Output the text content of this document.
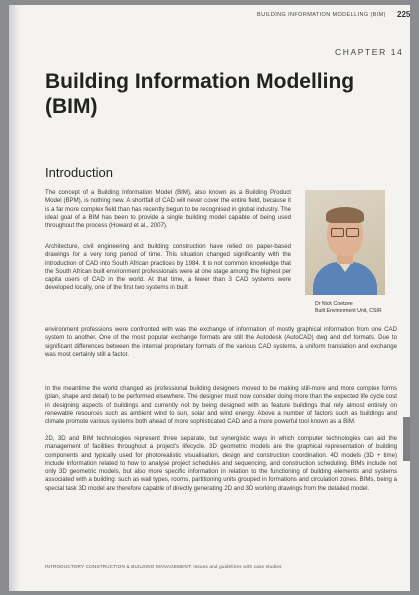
BUILDING INFORMATION MODELLING (BIM) 225
CHAPTER 14
Building Information Modelling (BIM)
Introduction

The concept of a Building Information Model (BIM), also known as a Building Product Model (BPM), is nothing new. A shortfall of CAD will never cover the entire field, because it is a far more complex field than has recently begun to be recognised in global industry. The ideal goal of a BIM has been to provide a single building model capable of being used throughout the process (Howard et al., 2007).

Architecture, civil engineering and building construction have relied on paper-based drawings for a very long period of time. This situation changed significantly with the introduction of CAD into South African practices by 1984. It is not common knowledge that the South African built environment professionals were at one stage among the highest per capita users of CAD in the world. At that time, a fewer than 3 CAD systems were developed locally, one of the first two systems in built

environment professions were confronted with was the exchange of information of mostly graphical information from one CAD system to another. One of the most popular exchange formats are still the Autodesk (AutoCAD) dwg and dxf formats. Due to significant differences between the internal proprietary formats of the various CAD systems, a uniform translation and exchange was most certainly still a factor.

In the meantime the world changed as professional building designers moved to be making still-more and more complex forms (plan, shape and detail) to be performed elsewhere. The designer must now consider doing more than the expected life cycle cost in designing aspects of buildings and currently not by being designed with as feature buildings that rely almost entirely on renewable resources such as ambient wind to sun, solar and wind energy. Above a number of factors such as buildings and climate promote various systems both ahead of more sophisticated CAD and a more powerful tool known as a BIM.

2D, 3D and BIM technologies represent three separate, but synergistic ways in which computer technologies can aid the management of facilities throughout a project's lifecycle. 3D geometric models are the graphical representation of building components and typically used for photorealistic visualisation, design and construction coordination. 4D models (3D + time) include information related to how to analyse project schedules and sequencing, and construction scheduling. BIMs include not only 3D geometric models, but also more specific information in relation to the functioning of building elements and systems associated with a building: such as wall types, rooms, partitioning units grouped in formations and circulation zones. BIMs, being a special task 3D model are therefore capable of directly generating 2D and 3D working drawings from the detailed model.

Dr Nick Coetzee
Built Environment Unit, CSIR
INTRODUCTORY CONSTRUCTION & BUILDING MANAGEMENT: Issues and guidelines with case studies
